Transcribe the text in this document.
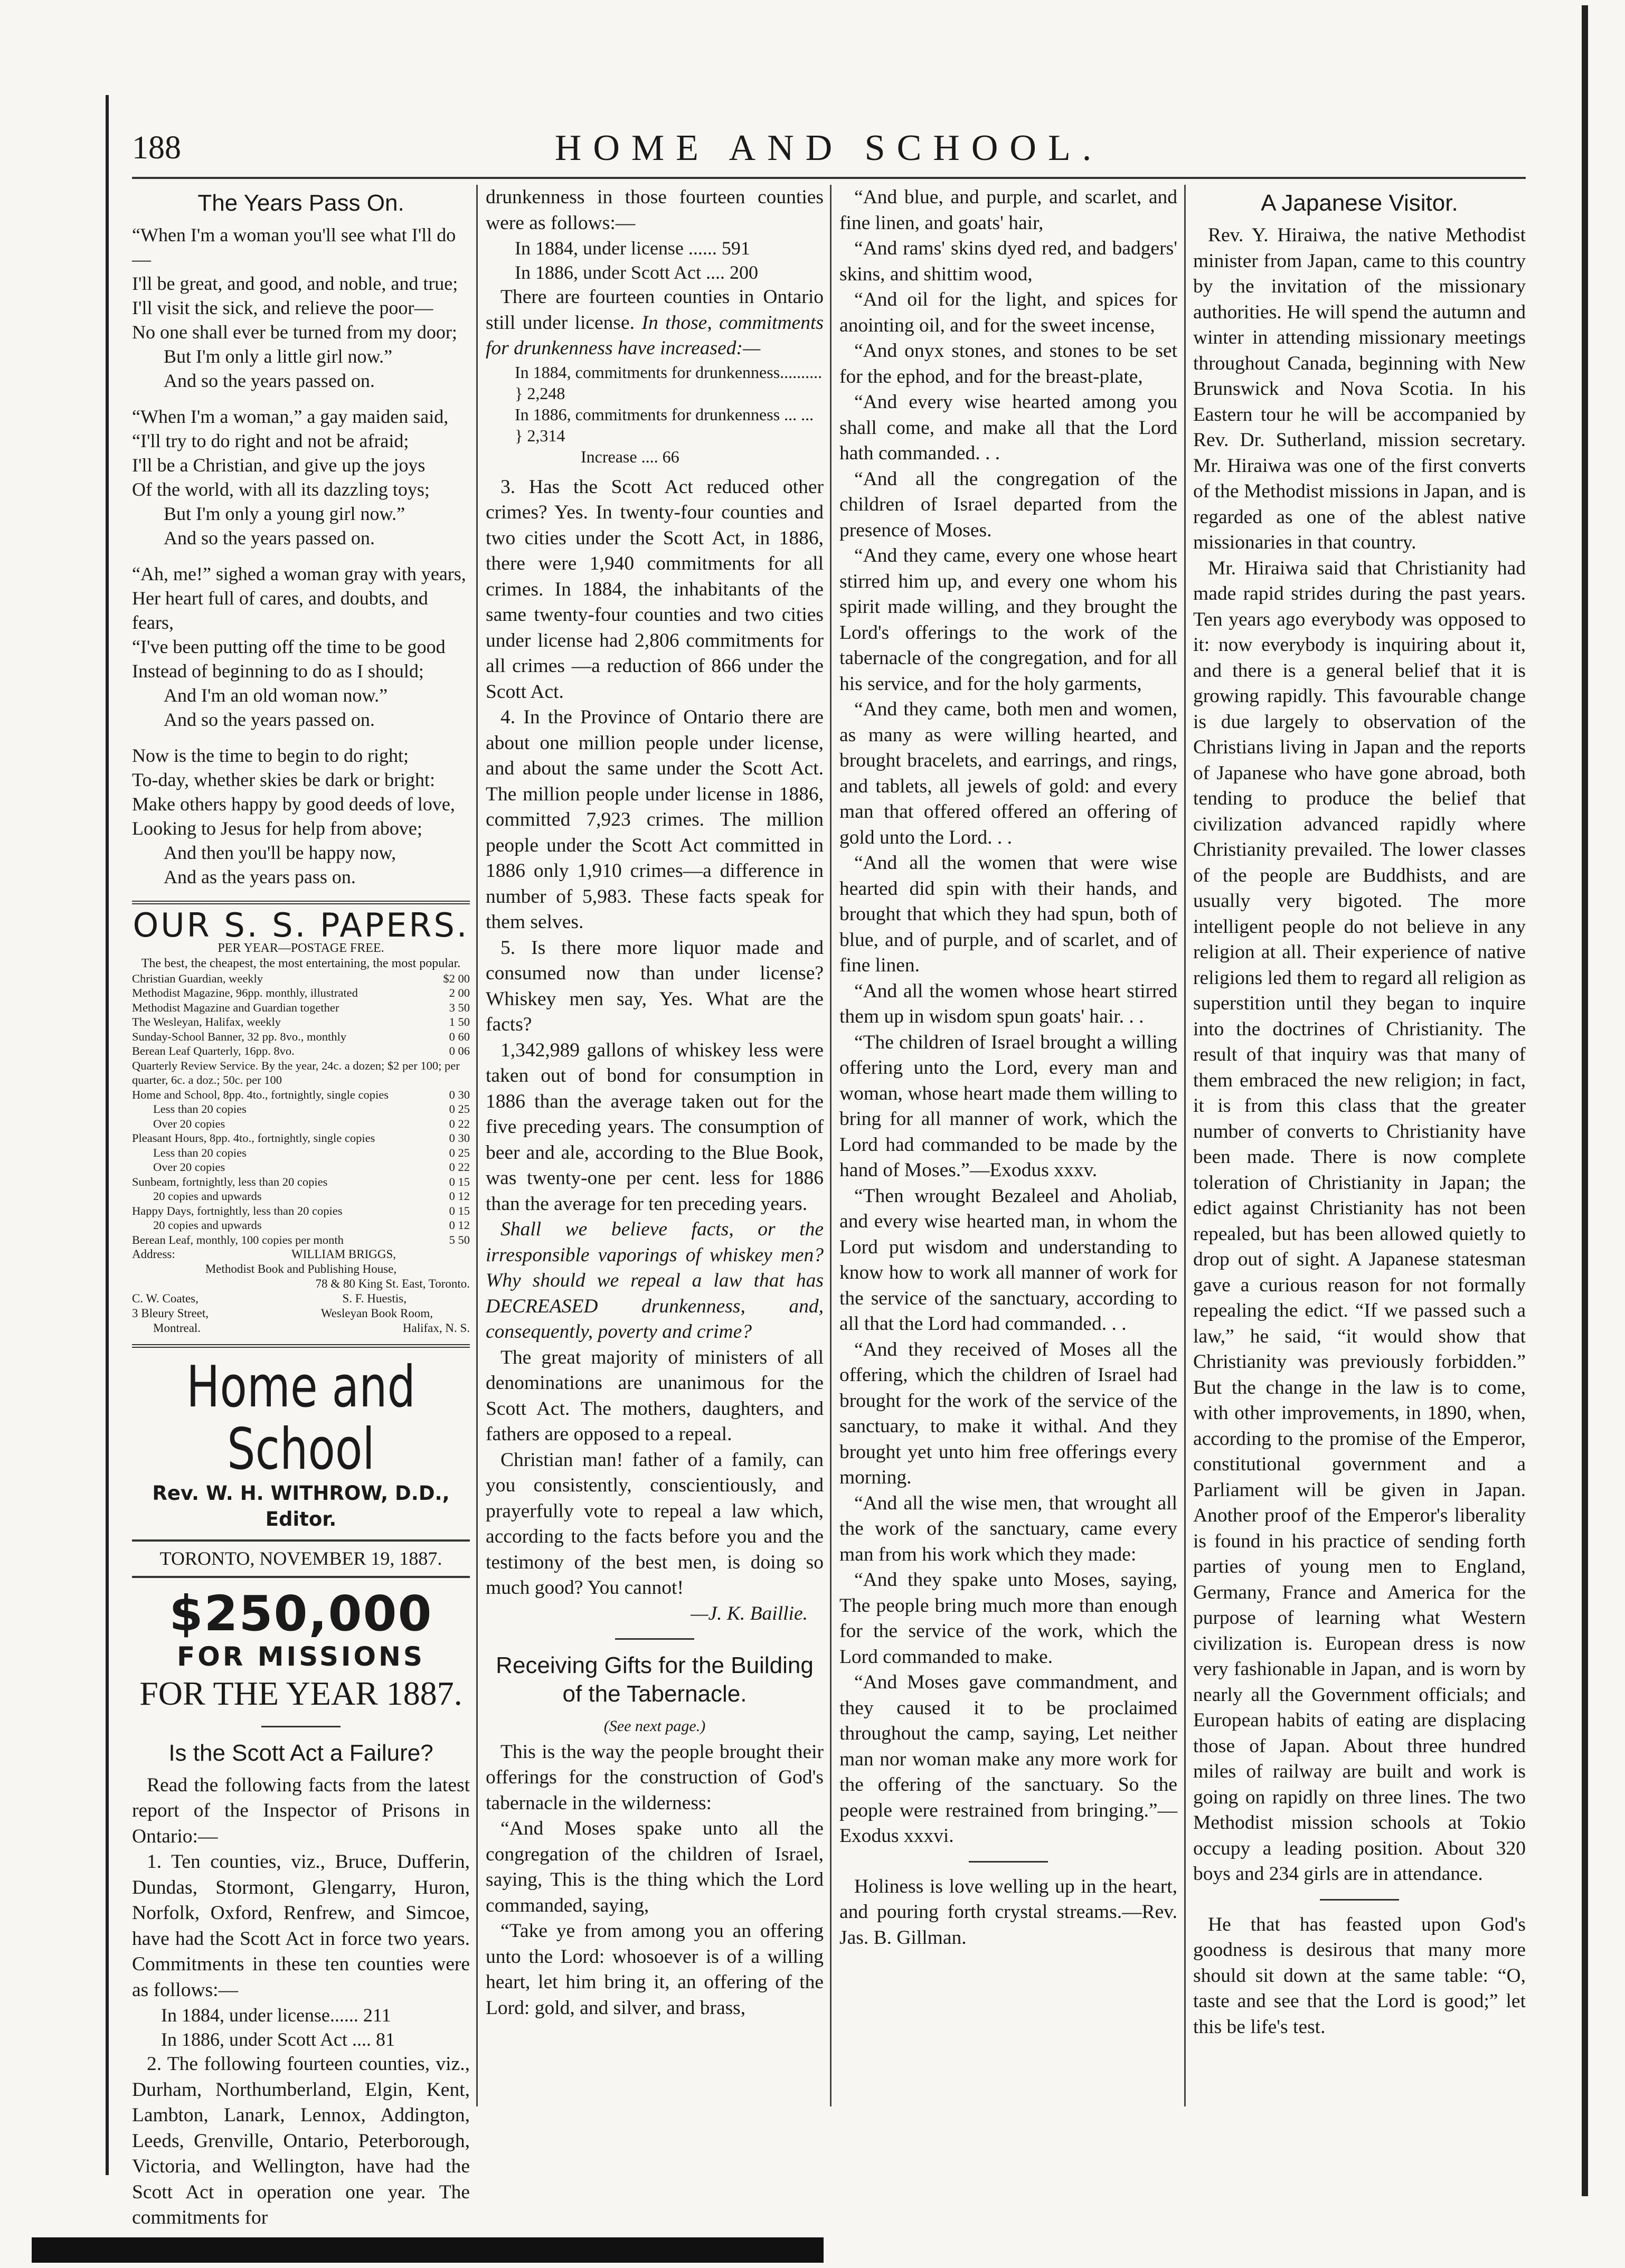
188	HOME AND SCHOOL.
The Years Pass On.

“When I'm a woman you'll see what I'll do—

I'll be great, and good, and noble, and true;

I'll visit the sick, and relieve the poor—

No one shall ever be turned from my door;

But I'm only a little girl now.”

And so the years passed on.

“When I'm a woman,” a gay maiden said,

“I'll try to do right and not be afraid;

I'll be a Christian, and give up the joys

Of the world, with all its dazzling toys;

But I'm only a young girl now.”

And so the years passed on.

“Ah, me!” sighed a woman gray with years,

Her heart full of cares, and doubts, and fears,

“I've been putting off the time to be good

Instead of beginning to do as I should;

And I'm an old woman now.”

And so the years passed on.

Now is the time to begin to do right;

To-day, whether skies be dark or bright:

Make others happy by good deeds of love,

Looking to Jesus for help from above;

And then you'll be happy now,

And as the years pass on.

OUR S. S. PAPERS.
PER YEAR—POSTAGE FREE.
The best, the cheapest, the most entertaining, the most popular.
Christian Guardian, weekly	$2 00
Methodist Magazine, 96pp. monthly, illustrated	2 00
Methodist Magazine and Guardian together	3 50
The Wesleyan, Halifax, weekly	1 50
Sunday-School Banner, 32 pp. 8vo., monthly	0 60
Berean Leaf Quarterly, 16pp. 8vo.	0 06
Quarterly Review Service. By the year, 24c. a dozen; $2 per 100; per quarter, 6c. a doz.; 50c. per 100
Home and School, 8pp. 4to., fortnightly, single copies	0 30
Less than 20 copies	0 25
Over 20 copies	0 22
Pleasant Hours, 8pp. 4to., fortnightly, single copies	0 30
Less than 20 copies	0 25
Over 20 copies	0 22
Sunbeam, fortnightly, less than 20 copies	0 15
20 copies and upwards	0 12
Happy Days, fortnightly, less than 20 copies	0 15
20 copies and upwards	0 12
Berean Leaf, monthly, 100 copies per month	5 50
Address:	WILLIAM BRIGGS,
Methodist Book and Publishing House,
78 & 80 King St. East, Toronto.
C. W. Coates,	S. F. Huestis,
3 Bleury Street,	Wesleyan Book Room,
Montreal.	Halifax, N. S.
Home and School
Rev. W. H. WITHROW, D.D., Editor.
TORONTO, NOVEMBER 19, 1887.
$250,000
FOR MISSIONS
FOR THE YEAR 1887.
Is the Scott Act a Failure?

Read the following facts from the latest report of the Inspector of Prisons in Ontario:—

1. Ten counties, viz., Bruce, Dufferin, Dundas, Stormont, Glengarry, Huron, Norfolk, Oxford, Renfrew, and Simcoe, have had the Scott Act in force two years. Commitments in these ten counties were as follows:—

In 1884, under license...... 211
In 1886, under Scott Act .... 81

2. The following fourteen counties, viz., Durham, Northumberland, Elgin, Kent, Lambton, Lanark, Lennox, Addington, Leeds, Grenville, Ontario, Peterborough, Victoria, and Wellington, have had the Scott Act in operation one year. The commitments for

drunkenness in those fourteen counties were as follows:—

In 1884, under license ...... 591
In 1886, under Scott Act .... 200

There are fourteen counties in Ontario still under license. In those, commitments for drunkenness have increased:—

In 1884, commitments for drunkenness.......... } 2,248
In 1886, commitments for drunkenness ... ... } 2,314
Increase .... 66

3. Has the Scott Act reduced other crimes? Yes. In twenty-four counties and two cities under the Scott Act, in 1886, there were 1,940 commitments for all crimes. In 1884, the inhabitants of the same twenty-four counties and two cities under license had 2,806 commitments for all crimes —a reduction of 866 under the Scott Act.

4. In the Province of Ontario there are about one million people under license, and about the same under the Scott Act. The million people under license in 1886, committed 7,923 crimes. The million people under the Scott Act committed in 1886 only 1,910 crimes—a difference in number of 5,983. These facts speak for them selves.

5. Is there more liquor made and consumed now than under license? Whiskey men say, Yes. What are the facts?

1,342,989 gallons of whiskey less were taken out of bond for consumption in 1886 than the average taken out for the five preceding years. The consumption of beer and ale, according to the Blue Book, was twenty-one per cent. less for 1886 than the average for ten preceding years.

Shall we believe facts, or the irresponsible vaporings of whiskey men? Why should we repeal a law that has DECREASED drunkenness, and, consequently, poverty and crime?

The great majority of ministers of all denominations are unanimous for the Scott Act. The mothers, daughters, and fathers are opposed to a repeal.

Christian man! father of a family, can you consistently, conscientiously, and prayerfully vote to repeal a law which, according to the facts before you and the testimony of the best men, is doing so much good? You cannot!

—J. K. Baillie.
Receiving Gifts for the Building of the Tabernacle.
(See next page.)

This is the way the people brought their offerings for the construction of God's tabernacle in the wilderness:

“And Moses spake unto all the congregation of the children of Israel, saying, This is the thing which the Lord commanded, saying,

“Take ye from among you an offering unto the Lord: whosoever is of a willing heart, let him bring it, an offering of the Lord: gold, and silver, and brass,

“And blue, and purple, and scarlet, and fine linen, and goats' hair,

“And rams' skins dyed red, and badgers' skins, and shittim wood,

“And oil for the light, and spices for anointing oil, and for the sweet incense,

“And onyx stones, and stones to be set for the ephod, and for the breast-plate,

“And every wise hearted among you shall come, and make all that the Lord hath commanded. . .

“And all the congregation of the children of Israel departed from the presence of Moses.

“And they came, every one whose heart stirred him up, and every one whom his spirit made willing, and they brought the Lord's offerings to the work of the tabernacle of the congregation, and for all his service, and for the holy garments,

“And they came, both men and women, as many as were willing hearted, and brought bracelets, and earrings, and rings, and tablets, all jewels of gold: and every man that offered offered an offering of gold unto the Lord. . .

“And all the women that were wise hearted did spin with their hands, and brought that which they had spun, both of blue, and of purple, and of scarlet, and of fine linen.

“And all the women whose heart stirred them up in wisdom spun goats' hair. . .

“The children of Israel brought a willing offering unto the Lord, every man and woman, whose heart made them willing to bring for all manner of work, which the Lord had commanded to be made by the hand of Moses.”—Exodus xxxv.

“Then wrought Bezaleel and Aholiab, and every wise hearted man, in whom the Lord put wisdom and understanding to know how to work all manner of work for the service of the sanctuary, according to all that the Lord had commanded. . .

“And they received of Moses all the offering, which the children of Israel had brought for the work of the service of the sanctuary, to make it withal. And they brought yet unto him free offerings every morning.

“And all the wise men, that wrought all the work of the sanctuary, came every man from his work which they made:

“And they spake unto Moses, saying, The people bring much more than enough for the service of the work, which the Lord commanded to make.

“And Moses gave commandment, and they caused it to be proclaimed throughout the camp, saying, Let neither man nor woman make any more work for the offering of the sanctuary. So the people were restrained from bringing.”—Exodus xxxvi.

Holiness is love welling up in the heart, and pouring forth crystal streams.—Rev. Jas. B. Gillman.

A Japanese Visitor.

Rev. Y. Hiraiwa, the native Methodist minister from Japan, came to this country by the invitation of the missionary authorities. He will spend the autumn and winter in attending missionary meetings throughout Canada, beginning with New Brunswick and Nova Scotia. In his Eastern tour he will be accompanied by Rev. Dr. Sutherland, mission secretary. Mr. Hiraiwa was one of the first converts of the Methodist missions in Japan, and is regarded as one of the ablest native missionaries in that country.

Mr. Hiraiwa said that Christianity had made rapid strides during the past years. Ten years ago everybody was opposed to it: now everybody is inquiring about it, and there is a general belief that it is growing rapidly. This favourable change is due largely to observation of the Christians living in Japan and the reports of Japanese who have gone abroad, both tending to produce the belief that civilization advanced rapidly where Christianity prevailed. The lower classes of the people are Buddhists, and are usually very bigoted. The more intelligent people do not believe in any religion at all. Their experience of native religions led them to regard all religion as superstition until they began to inquire into the doctrines of Christianity. The result of that inquiry was that many of them embraced the new religion; in fact, it is from this class that the greater number of converts to Christianity have been made. There is now complete toleration of Christianity in Japan; the edict against Christianity has not been repealed, but has been allowed quietly to drop out of sight. A Japanese statesman gave a curious reason for not formally repealing the edict. “If we passed such a law,” he said, “it would show that Christianity was previously forbidden.” But the change in the law is to come, with other improvements, in 1890, when, according to the promise of the Emperor, constitutional government and a Parliament will be given in Japan. Another proof of the Emperor's liberality is found in his practice of sending forth parties of young men to England, Germany, France and America for the purpose of learning what Western civilization is. European dress is now very fashionable in Japan, and is worn by nearly all the Government officials; and European habits of eating are displacing those of Japan. About three hundred miles of railway are built and work is going on rapidly on three lines. The two Methodist mission schools at Tokio occupy a leading position. About 320 boys and 234 girls are in attendance.

He that has feasted upon God's goodness is desirous that many more should sit down at the same table: “O, taste and see that the Lord is good;” let this be life's test.
